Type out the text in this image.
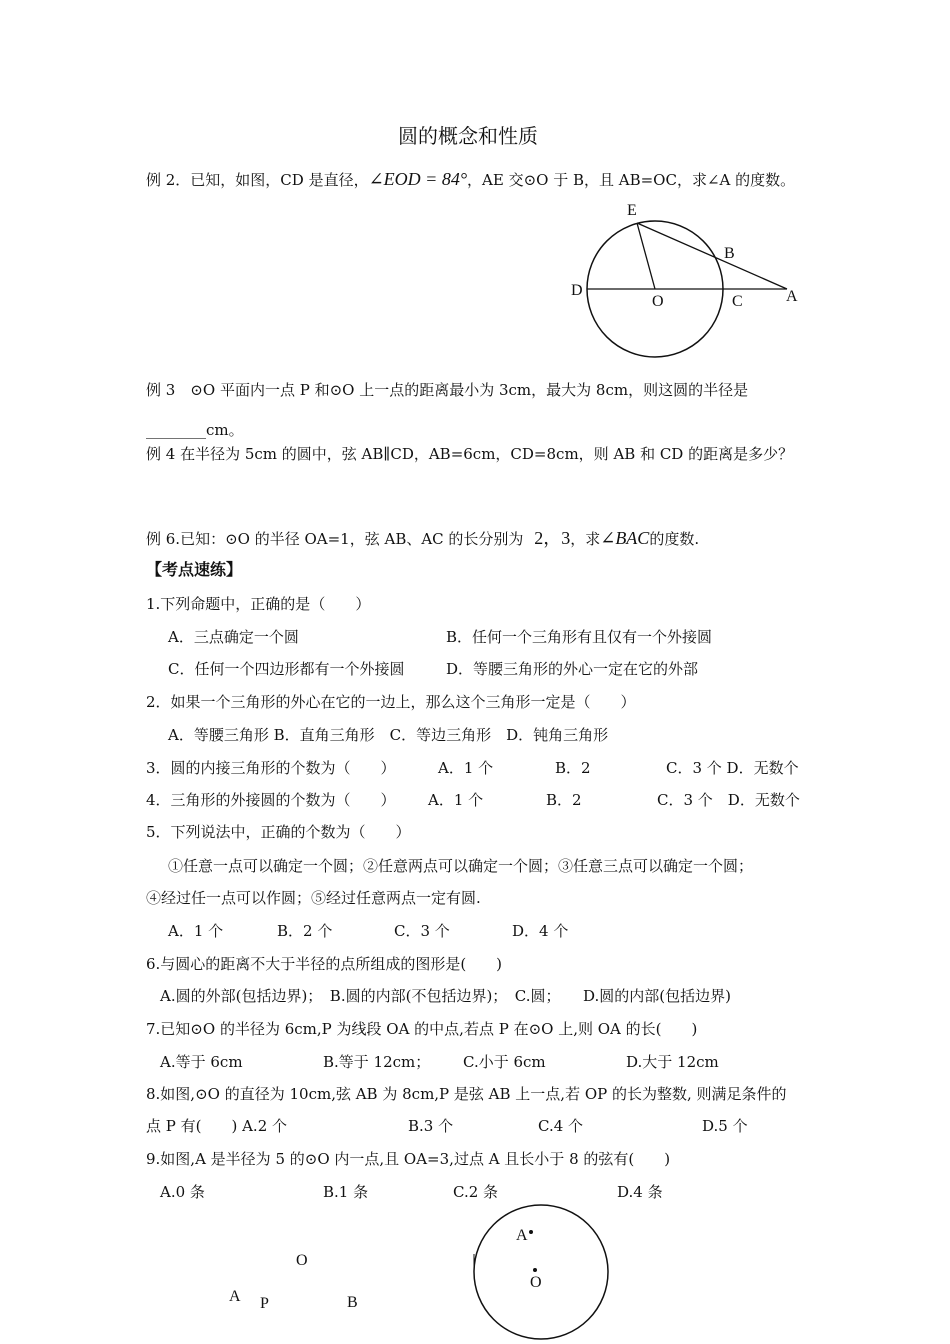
圆的概念和性质
例 2．已知，如图，CD 是直径，∠EOD = 84°，AE 交⊙O 于 B，且 AB=OC，求∠A 的度数。
E
B
D
O	C	A
O
A P	B
A
O
例 3　⊙O 平面内一点 P 和⊙O 上一点的距离最小为 3cm，最大为 8cm，则这圆的半径是
________cm。
例 4 在半径为 5cm 的圆中，弦 AB∥CD，AB=6cm，CD=8cm，则 AB 和 CD 的距离是多少？
例 6.已知：⊙O 的半径 OA=1，弦 AB、AC 的长分别为 2，3，求∠BAC的度数.
【考点速练】
1.下列命题中，正确的是（　　）
A．三点确定一个圆	B．任何一个三角形有且仅有一个外接圆
C．任何一个四边形都有一个外接圆	D．等腰三角形的外心一定在它的外部
2．如果一个三角形的外心在它的一边上，那么这个三角形一定是（　　）
A．等腰三角形 B．直角三角形　C．等边三角形　D．钝角三角形
3．圆的内接三角形的个数为（　　）	A．1 个	B．2	C．3 个 D．无数个
4．三角形的外接圆的个数为（　　） A．1 个	B．2	C．3 个　D．无数个
5．下列说法中，正确的个数为（　　）
①任意一点可以确定一个圆；②任意两点可以确定一个圆；③任意三点可以确定一个圆；
④经过任一点可以作圆；⑤经过任意两点一定有圆.
A．1 个	B．2 个	C．3 个	D．4 个
6.与圆心的距离不大于半径的点所组成的图形是(　　)
A.圆的外部(包括边界)；　B.圆的内部(不包括边界)；　C.圆；　　D.圆的内部(包括边界)
7.已知⊙O 的半径为 6cm,P 为线段 OA 的中点,若点 P 在⊙O 上,则 OA 的长(　　)
A.等于 6cm	B.等于 12cm； C.小于 6cm	D.大于 12cm
8.如图,⊙O 的直径为 10cm,弦 AB 为 8cm,P 是弦 AB 上一点,若 OP 的长为整数, 则满足条件的
点 P 有(　　) A.2 个	B.3 个	C.4 个	D.5 个
9.如图,A 是半径为 5 的⊙O 内一点,且 OA=3,过点 A 且长小于 8 的弦有(　　)
A.0 条	B.1 条	C.2 条	D.4 条
